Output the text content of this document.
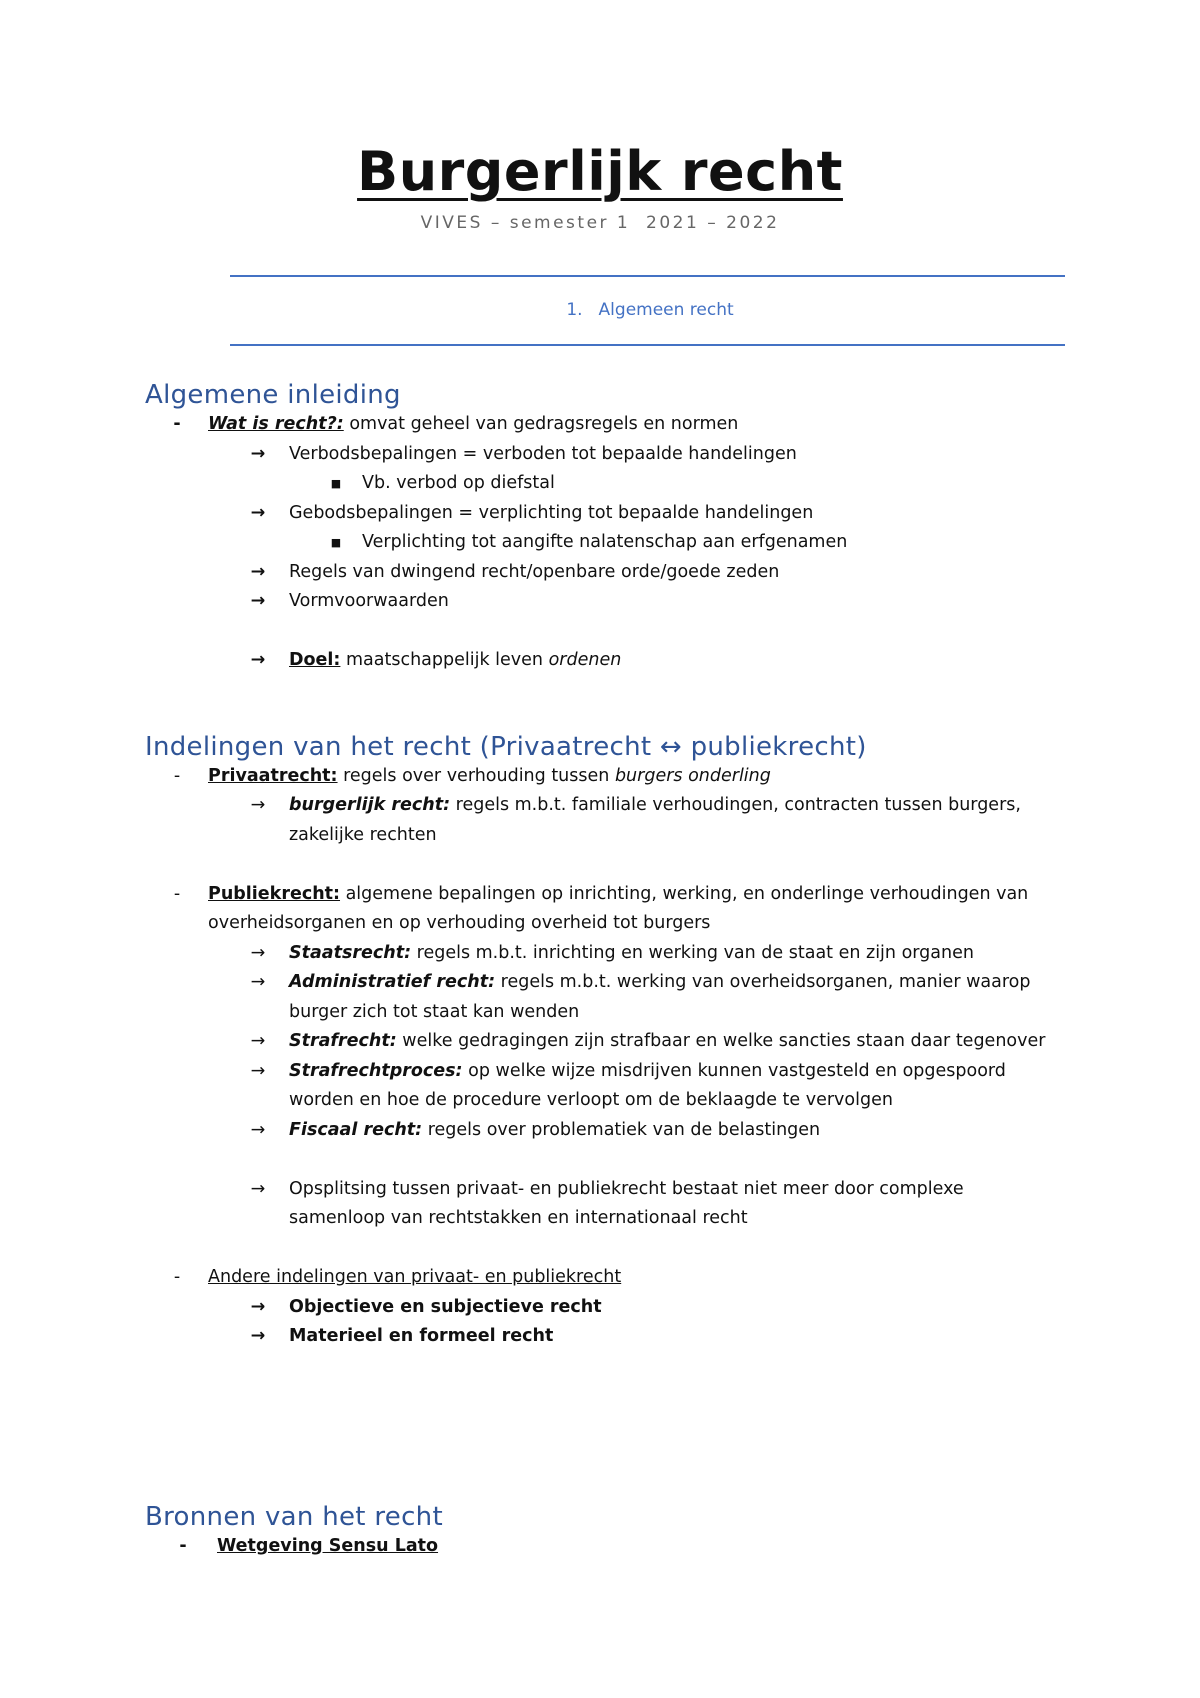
Burgerlijk recht

VIVES – semester 1  2021 – 2022

1. Algemeen recht

Algemene inleiding
-	Wat is recht?: omvat geheel van gedragsregels en normen
→ Verbodsbepalingen = verboden tot bepaalde handelingen
■ Vb. verbod op diefstal
→ Gebodsbepalingen = verplichting tot bepaalde handelingen
■ Verplichting tot aangifte nalatenschap aan erfgenamen
→ Regels van dwingend recht/openbare orde/goede zeden
→ Vormvoorwaarden
→ Doel: maatschappelijk leven ordenen
Indelingen van het recht (Privaatrecht ↔ publiekrecht)
-	Privaatrecht: regels over verhouding tussen burgers onderling
→ burgerlijk recht: regels m.b.t. familiale verhoudingen, contracten tussen burgers,
zakelijke rechten
-	Publiekrecht: algemene bepalingen op inrichting, werking, en onderlinge verhoudingen van
overheidsorganen en op verhouding overheid tot burgers
→ Staatsrecht: regels m.b.t. inrichting en werking van de staat en zijn organen
→ Administratief recht: regels m.b.t. werking van overheidsorganen, manier waarop
burger zich tot staat kan wenden
→ Strafrecht: welke gedragingen zijn strafbaar en welke sancties staan daar tegenover
→ Strafrechtproces: op welke wijze misdrijven kunnen vastgesteld en opgespoord
worden en hoe de procedure verloopt om de beklaagde te vervolgen
→ Fiscaal recht: regels over problematiek van de belastingen
→ Opsplitsing tussen privaat- en publiekrecht bestaat niet meer door complexe
samenloop van rechtstakken en internationaal recht
-	Andere indelingen van privaat- en publiekrecht
→ Objectieve en subjectieve recht
→ Materieel en formeel recht
Bronnen van het recht
-	Wetgeving Sensu Lato
